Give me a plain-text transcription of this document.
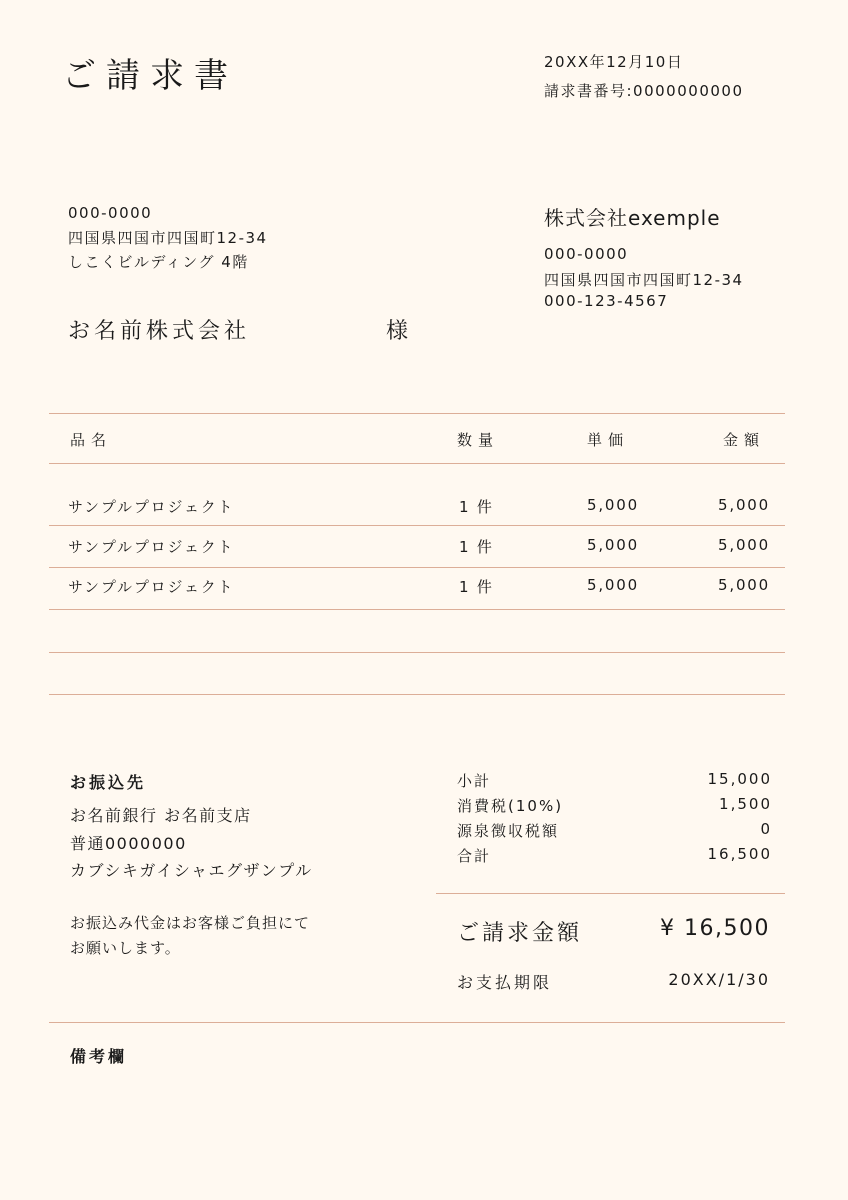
ご請求書	20XX年12月10日
請求書番号:0000000000
000-0000
四国県四国市四国町12-34
しこくビルディング 4階
お名前株式会社	様
株式会社exemple
000-0000
四国県四国市四国町12-34
000-123-4567
品名	数量	単価	金額
サンプルプロジェクト	1 件	5,000	5,000
サンプルプロジェクト	1 件	5,000	5,000
サンプルプロジェクト	1 件	5,000	5,000
お振込先
お名前銀行 お名前支店
普通0000000
カブシキガイシャエグザンプル
お振込み代金はお客様ご負担にて
お願いします。
小計	15,000
消費税(10%)	1,500
源泉徴収税額	0
合計	16,500
ご請求金額	¥ 16,500
お支払期限	20XX/1/30
備考欄
